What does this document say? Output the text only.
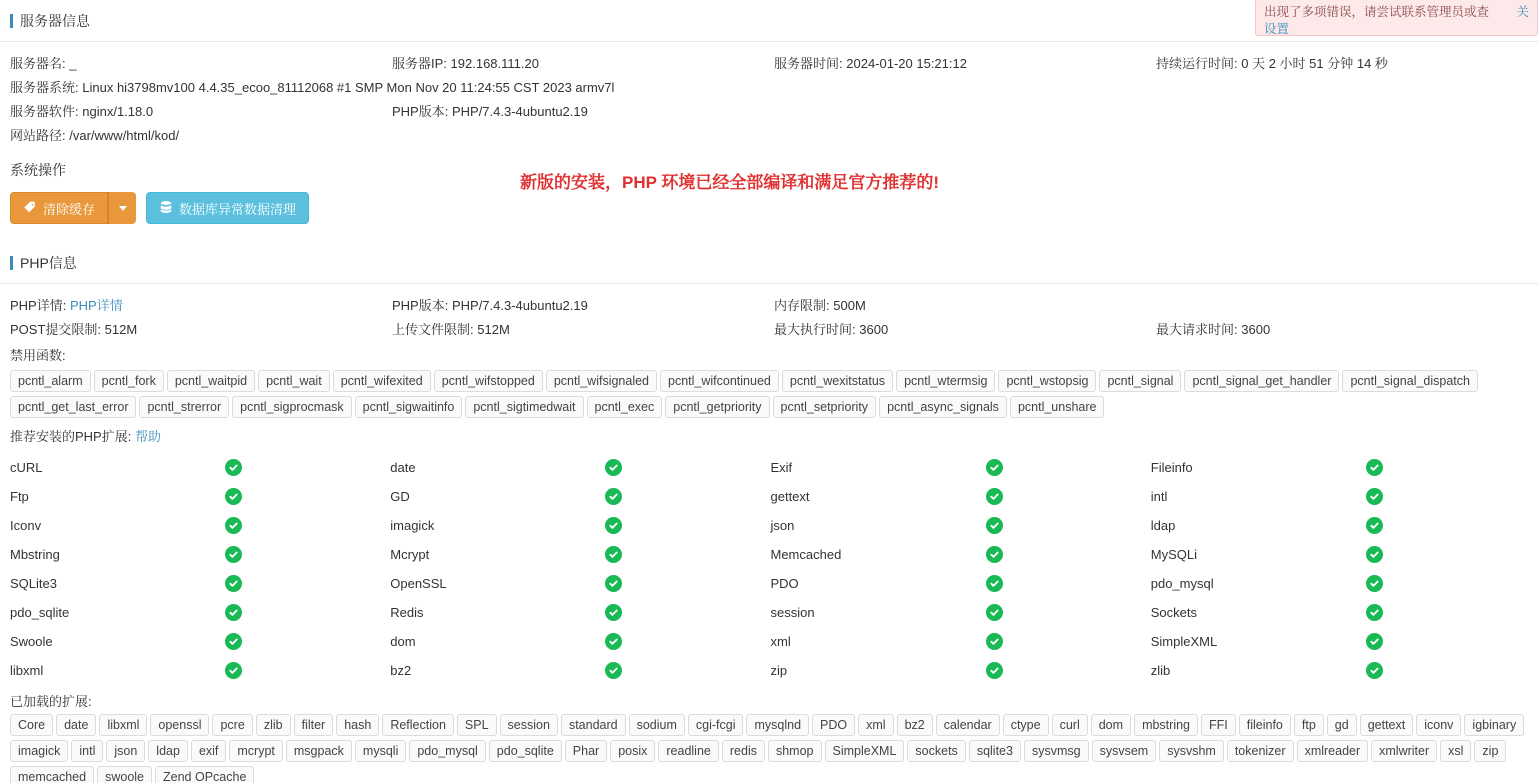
关
出现了多项错误，请尝试联系管理员或查
设置
服务器信息
服务器名: _	服务器IP: 192.168.111.20	服务器时间: 2024-01-20 15:21:12	持续运行时间: 0 天 2 小时 51 分钟 14 秒
服务器系统: Linux hi3798mv100 4.4.35_ecoo_81112068 #1 SMP Mon Nov 20 11:24:55 CST 2023 armv7l
服务器软件: nginx/1.18.0	PHP版本: PHP/7.4.3-4ubuntu2.19
网站路径: /var/www/html/kod/
系统操作
新版的安装，PHP 环境已经全部编译和满足官方推荐的!
清除缓存	数据库异常数据清理
PHP信息
PHP详情: PHP详情	PHP版本: PHP/7.4.3-4ubuntu2.19	内存限制: 500M
POST提交限制: 512M	上传文件限制: 512M	最大执行时间: 3600	最大请求时间: 3600
禁用函数:
pcntl_alarm pcntl_fork pcntl_waitpid pcntl_wait pcntl_wifexited pcntl_wifstopped pcntl_wifsignaled pcntl_wifcontinued pcntl_wexitstatus pcntl_wtermsig pcntl_wstopsig pcntl_signal pcntl_signal_get_handler pcntl_signal_dispatchpcntl_get_last_error pcntl_strerror pcntl_sigprocmask pcntl_sigwaitinfo pcntl_sigtimedwait pcntl_exec pcntl_getpriority pcntl_setpriority pcntl_async_signals pcntl_unshare
推荐安装的PHP扩展: 帮助
cURL	date	Exif	Fileinfo
Ftp	GD	gettext	intl
Iconv	imagick	json	ldap
Mbstring	Mcrypt	Memcached	MySQLi
SQLite3	OpenSSL	PDO	pdo_mysql
pdo_sqlite	Redis	session	Sockets
Swoole	dom	xml	SimpleXML
libxml	bz2	zip	zlib
已加载的扩展:
Core	date	libxml	openssl	pcre	zlib	filter	hash	Reflection	SPL	session	standard	sodium	cgi-fcgi	mysqlnd	PDO	xml	bz2	calendar	ctype	curl	dom	mbstring	FFI	fileinfo	ftp	gd	gettext	iconv	igbinary
imagick	intl	json	ldap	exif	mcrypt	msgpack	mysqli	pdo_mysql	pdo_sqlite	Phar	posix	readline	redis	shmop	SimpleXML	sockets	sqlite3	sysvmsg	sysvsem	sysvshm	tokenizer	xmlreader	xmlwriter	xsl	zip
memcached	swoole	Zend OPcache
